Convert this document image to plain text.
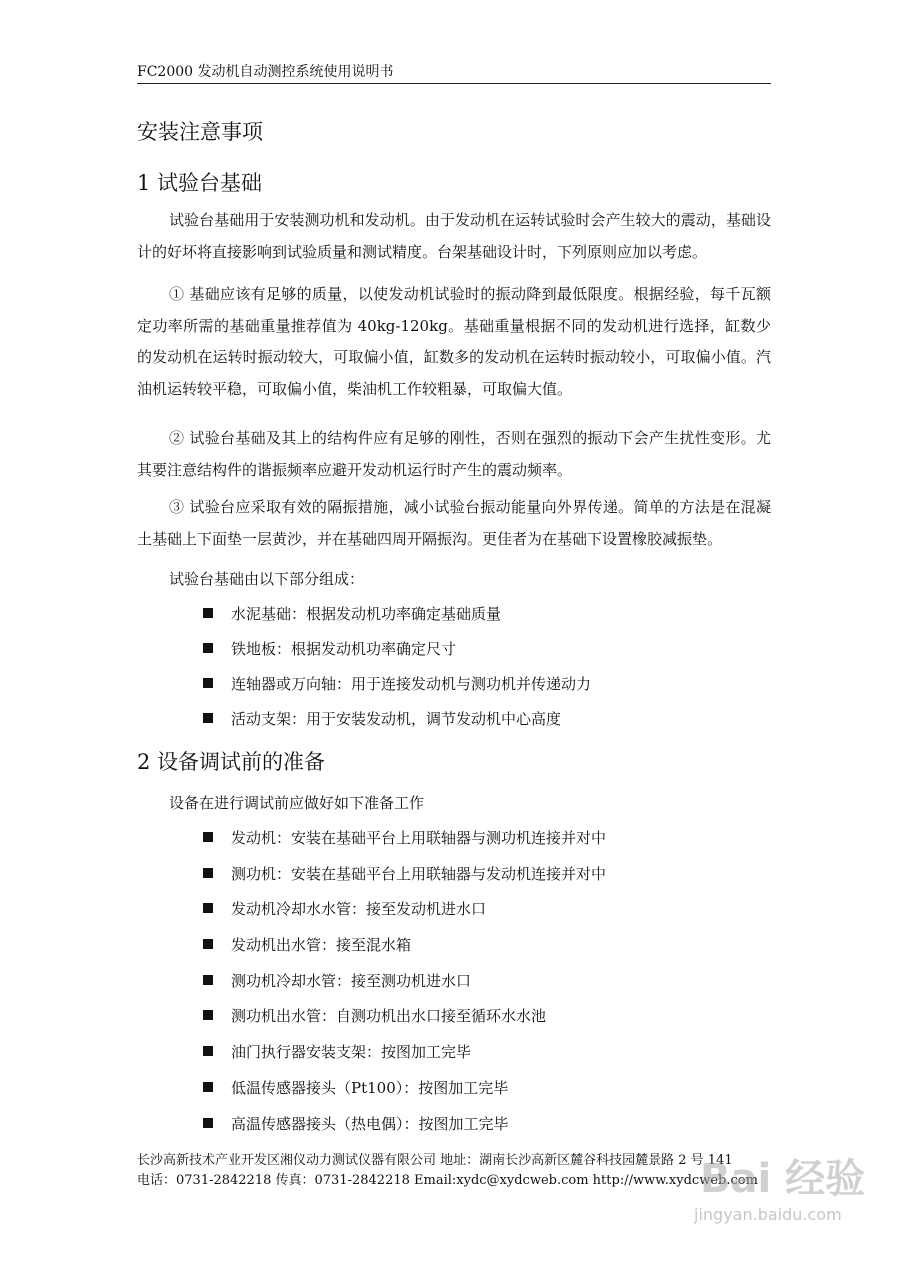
FC2000 发动机自动测控系统使用说明书
安装注意事项
1 试验台基础

试验台基础用于安装测功机和发动机。由于发动机在运转试验时会产生较大的震动，基础设计的好坏将直接影响到试验质量和测试精度。台架基础设计时，下列原则应加以考虑。

① 基础应该有足够的质量，以使发动机试验时的振动降到最低限度。根据经验，每千瓦额定功率所需的基础重量推荐值为 40kg-120kg。基础重量根据不同的发动机进行选择，缸数少的发动机在运转时振动较大，可取偏小值，缸数多的发动机在运转时振动较小，可取偏小值。汽油机运转较平稳，可取偏小值，柴油机工作较粗暴，可取偏大值。

② 试验台基础及其上的结构件应有足够的刚性，否则在强烈的振动下会产生扰性变形。尤其要注意结构件的谐振频率应避开发动机运行时产生的震动频率。

③ 试验台应采取有效的隔振措施，减小试验台振动能量向外界传递。简单的方法是在混凝土基础上下面垫一层黄沙，并在基础四周开隔振沟。更佳者为在基础下设置橡胶减振垫。

试验台基础由以下部分组成：
水泥基础：根据发动机功率确定基础质量
铁地板：根据发动机功率确定尺寸
连轴器或万向轴：用于连接发动机与测功机并传递动力
活动支架：用于安装发动机，调节发动机中心高度
2 设备调试前的准备
设备在进行调试前应做好如下准备工作
发动机：安装在基础平台上用联轴器与测功机连接并对中
测功机：安装在基础平台上用联轴器与发动机连接并对中
发动机冷却水水管：接至发动机进水口
发动机出水管：接至混水箱
测功机冷却水管：接至测功机进水口
测功机出水管：自测功机出水口接至循环水水池
油门执行器安装支架：按图加工完毕
低温传感器接头（Pt100）：按图加工完毕
高温传感器接头（热电偶）：按图加工完毕
长沙高新技术产业开发区湘仪动力测试仪器有限公司 地址：湖南长沙高新区麓谷科技园麓景路 2 号 141
电话：0731-2842218 传真：0731-2842218 Email:xydc@xydcweb.com http://www.xydcweb.com
Bai 经验
jingyan.baidu.com
